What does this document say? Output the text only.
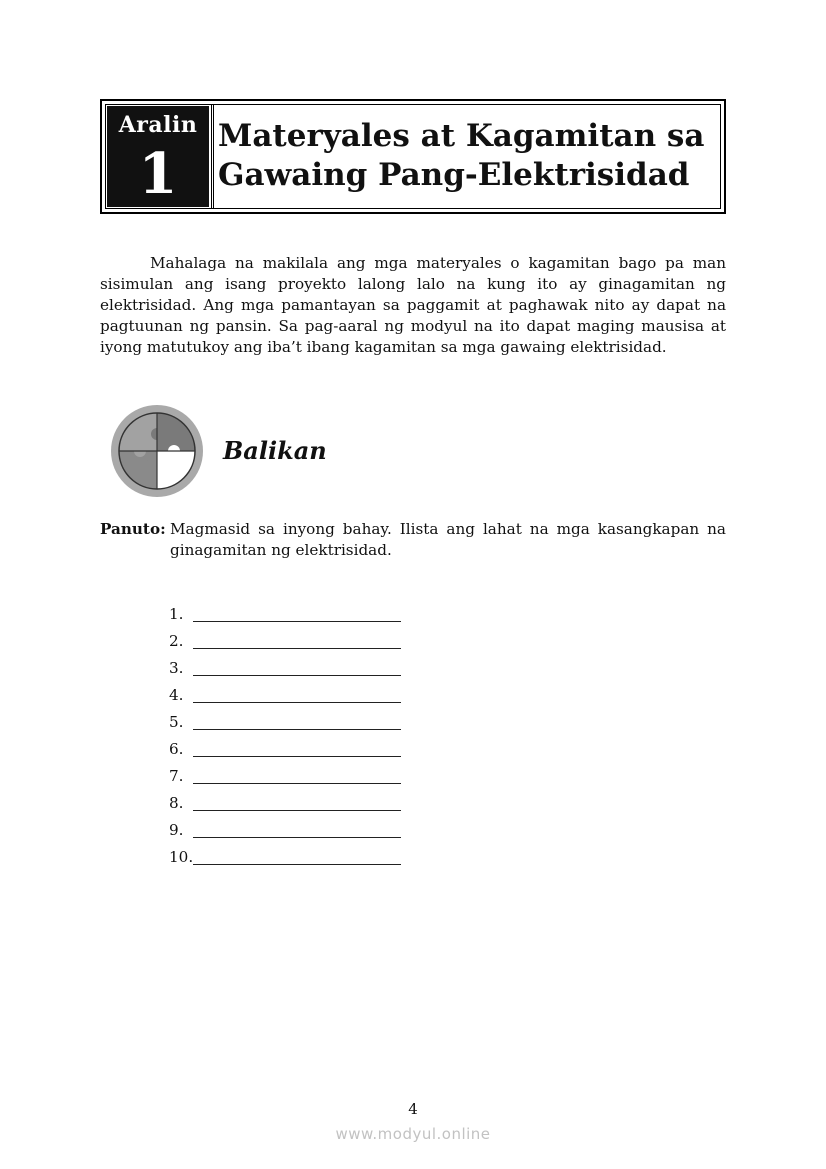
Aralin
1
Materyales at Kagamitan sa
Gawaing Pang-Elektrisidad

Mahalaga na makilala ang mga materyales o kagamitan bago pa man sisimulan ang isang proyekto lalong lalo na kung ito ay ginagamitan ng elektrisidad. Ang mga pamantayan sa paggamit at paghawak nito ay dapat na pagtuunan ng pansin. Sa pag-aaral ng modyul na ito dapat maging mausisa at iyong matutukoy ang iba’t ibang kagamitan sa mga gawaing elektrisidad.

Balikan
Panuto: Magmasid sa inyong bahay. Ilista ang lahat na mga kasangkapan na ginagamitan ng elektrisidad.
1.
2.
3.
4.
5.
6.
7.
8.
9.
10.
4
www.modyul.online
